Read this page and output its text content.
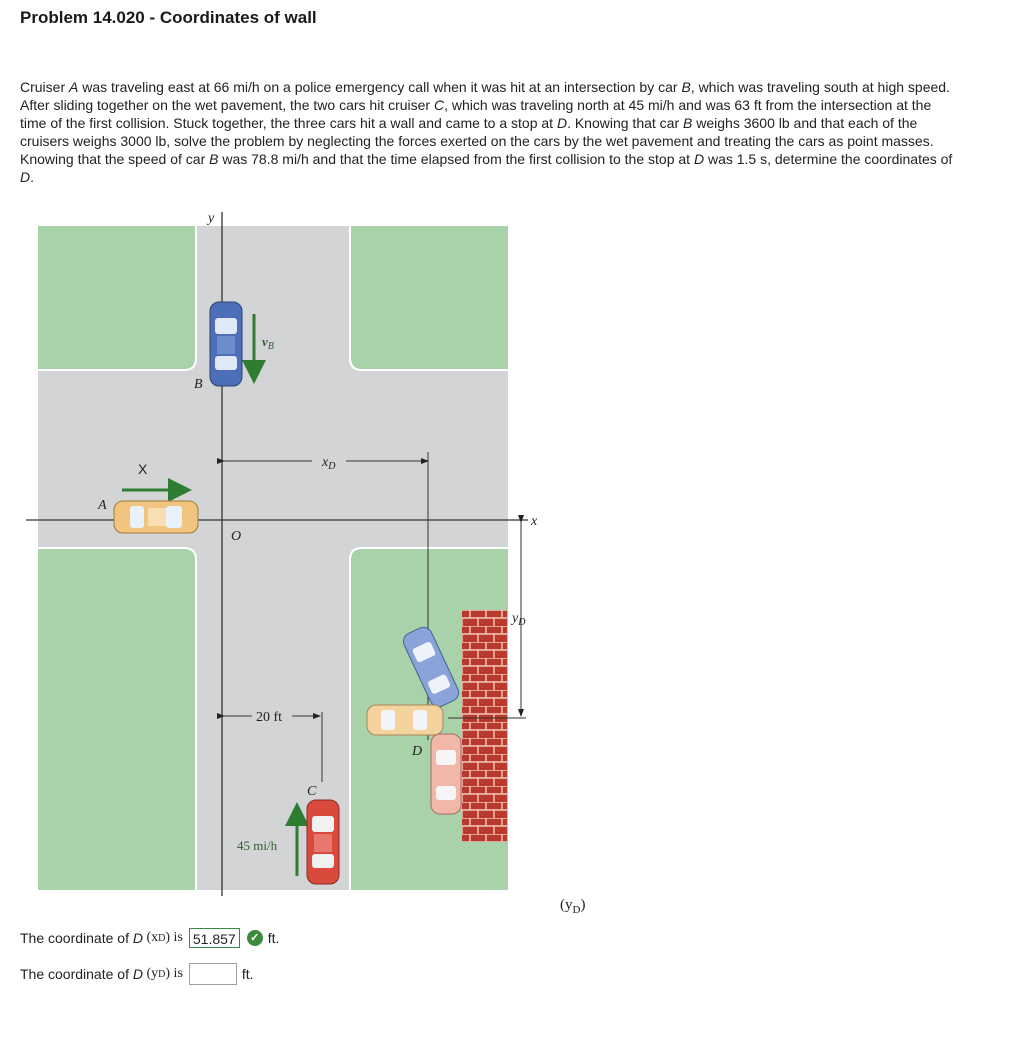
Problem 14.020 - Coordinates of wall

Cruiser A was traveling east at 66 mi/h on a police emergency call when it was hit at an intersection by car B, which was traveling south at high speed. After sliding together on the wet pavement, the two cars hit cruiser C, which was traveling north at 45 mi/h and was 63 ft from the intersection at the time of the first collision. Stuck together, the three cars hit a wall and came to a stop at D. Knowing that car B weighs 3600 lb and that each of the cruisers weighs 3000 lb, solve the problem by neglecting the forces exerted on the cars by the wet pavement and treating the cars as point masses. Knowing that the speed of car B was 78.8 mi/h and that the time elapsed from the first collision to the stop at D was 1.5 s, determine the coordinates of D.

y
x
O
X
A
B
C
D
$v_B$
$x_D$
$y_D$
20 ft
45 mi/h
$(y_D)$
The coordinate of D (x D ) is 51.857	✓ ft.
The coordinate of D (y D ) is	ft.
